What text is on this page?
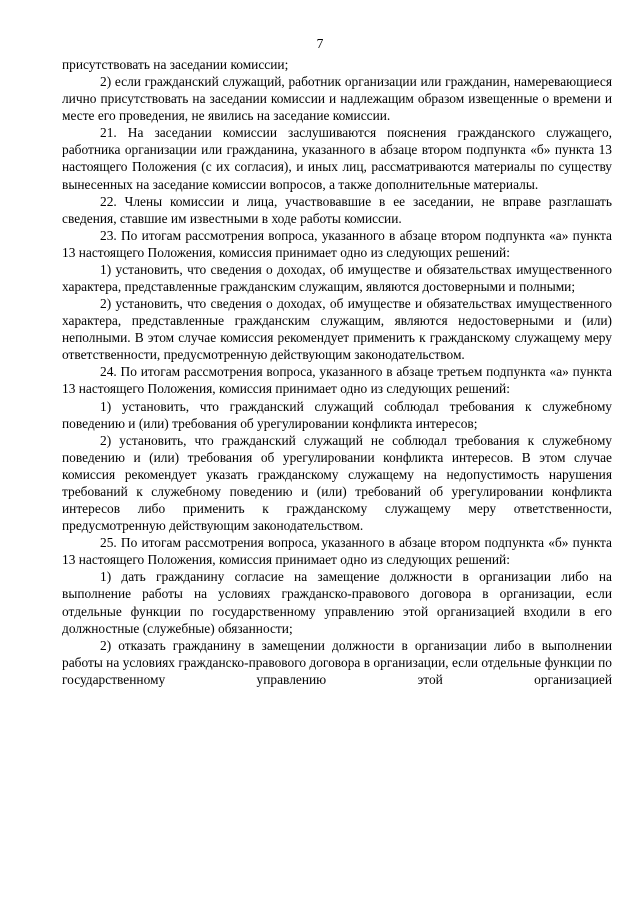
7

присутствовать на заседании комиссии;

2) если гражданский служащий, работник организации или гражданин, намеревающиеся лично присутствовать на заседании комиссии и надлежащим образом извещенные о времени и месте его проведения, не явились на заседание комиссии.

21. На заседании комиссии заслушиваются пояснения гражданского служащего, работника организации или гражданина, указанного в абзаце втором подпункта «б» пункта 13 настоящего Положения (с их согласия), и иных лиц, рассматриваются материалы по существу вынесенных на заседание комиссии вопросов, а также дополнительные материалы.

22. Члены комиссии и лица, участвовавшие в ее заседании, не вправе разглашать сведения, ставшие им известными в ходе работы комиссии.

23. По итогам рассмотрения вопроса, указанного в абзаце втором подпункта «а» пункта 13 настоящего Положения, комиссия принимает одно из следующих решений:

1) установить, что сведения о доходах, об имуществе и обязательствах имущественного характера, представленные гражданским служащим, являются достоверными и полными;

2) установить, что сведения о доходах, об имуществе и обязательствах имущественного характера, представленные гражданским служащим, являются недостоверными и (или) неполными. В этом случае комиссия рекомендует применить к гражданскому служащему меру ответственности, предусмотренную действующим законодательством.

24. По итогам рассмотрения вопроса, указанного в абзаце третьем подпункта «а» пункта 13 настоящего Положения, комиссия принимает одно из следующих решений:

1) установить, что гражданский служащий соблюдал требования к служебному поведению и (или) требования об урегулировании конфликта интересов;

2) установить, что гражданский служащий не соблюдал требования к служебному поведению и (или) требования об урегулировании конфликта интересов. В этом случае комиссия рекомендует указать гражданскому служащему на недопустимость нарушения требований к служебному поведению и (или) требований об урегулировании конфликта интересов либо применить к гражданскому служащему меру ответственности, предусмотренную действующим законодательством.

25. По итогам рассмотрения вопроса, указанного в абзаце втором подпункта «б» пункта 13 настоящего Положения, комиссия принимает одно из следующих решений:

1) дать гражданину согласие на замещение должности в организации либо на выполнение работы на условиях гражданско-правового договора в организации, если отдельные функции по государственному управлению этой организацией входили в его должностные (служебные) обязанности;

2) отказать гражданину в замещении должности в организации либо в выполнении работы на условиях гражданско-правового договора в организации, если отдельные функции по государственному управлению этой организацией
